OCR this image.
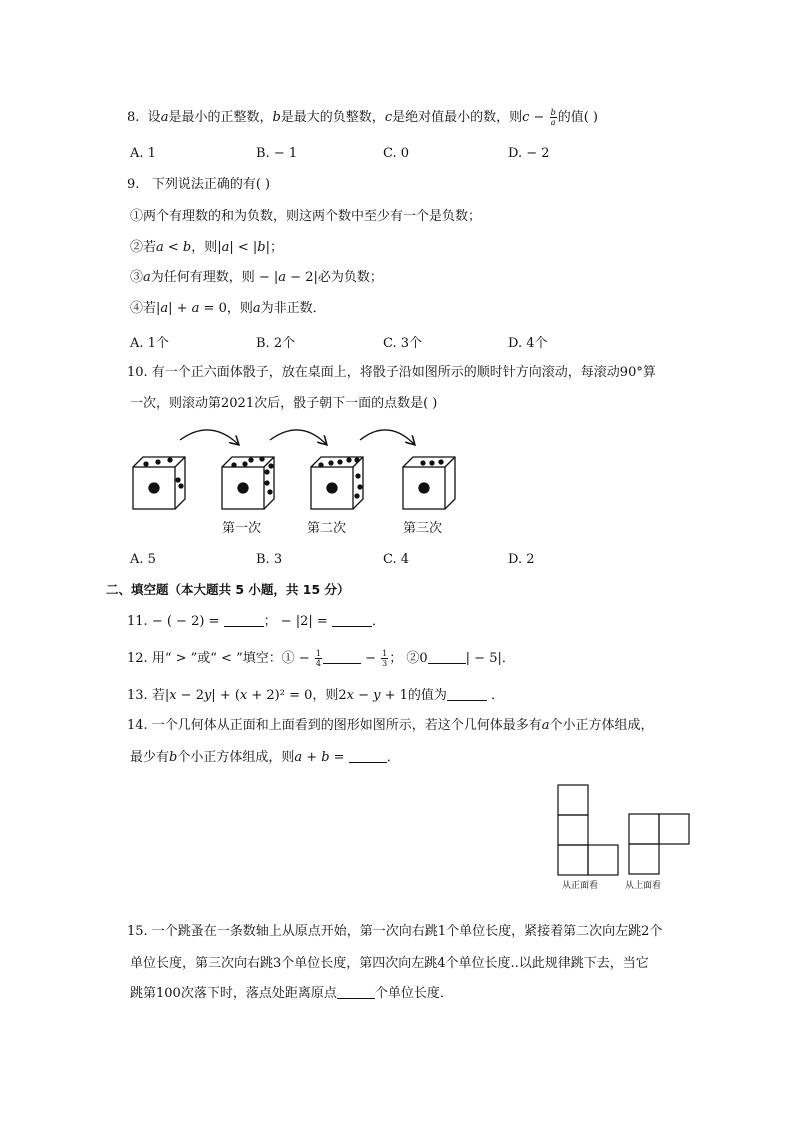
8. 设a是最小的正整数，b是最大的负整数，c是绝对值最小的数，则$c - \frac{b}{a}$ 的值( )
A. 1	B. − 1	C. 0	D. − 2
9. 下列说法正确的有( )
①两个有理数的和为负数，则这两个数中至少有一个是负数；
②若𝑎 < 𝑏，则|𝑎| < |𝑏|；
③𝑎为任何有理数，则 − |𝑎 − 2|必为负数；
④若|𝑎| + 𝑎 = 0，则𝑎为非正数．
A. 1个	B. 2个	C. 3个	D. 4个
10. 有一个正六面体骰子，放在桌面上，将骰子沿如图所示的顺时针方向滚动，每滚动90°算
一次，则滚动第2021次后，骰子朝下一面的点数是( )
第一次	第二次	第三次
A. 5	B. 3	C. 4	D. 2
二、填空题（本大题共 5 小题，共 15 分）
11. − ( − 2) =	； − |2| =	．
12. 用“ > ”或“ < ”填空：① − $\frac{1}{4}$	− $\frac{1}{3}$ ； ②0	| − 5|．
13. 若|𝑥 − 2𝑦| + (𝑥 + 2)² = 0，则2𝑥 − 𝑦 + 1的值为	．
14. 一个几何体从正面和上面看到的图形如图所示，若这个几何体最多有𝑎个小正方体组成，
最少有𝑏个小正方体组成，则𝑎 + 𝑏 =	．
从正面看	从上面看
15. 一个跳蚤在一条数轴上从原点开始，第一次向右跳1个单位长度，紧接着第二次向左跳2个
单位长度，第三次向右跳3个单位长度，第四次向左跳4个单位长度..以此规律跳下去，当它
跳第100次落下时，落点处距离原点	个单位长度．
